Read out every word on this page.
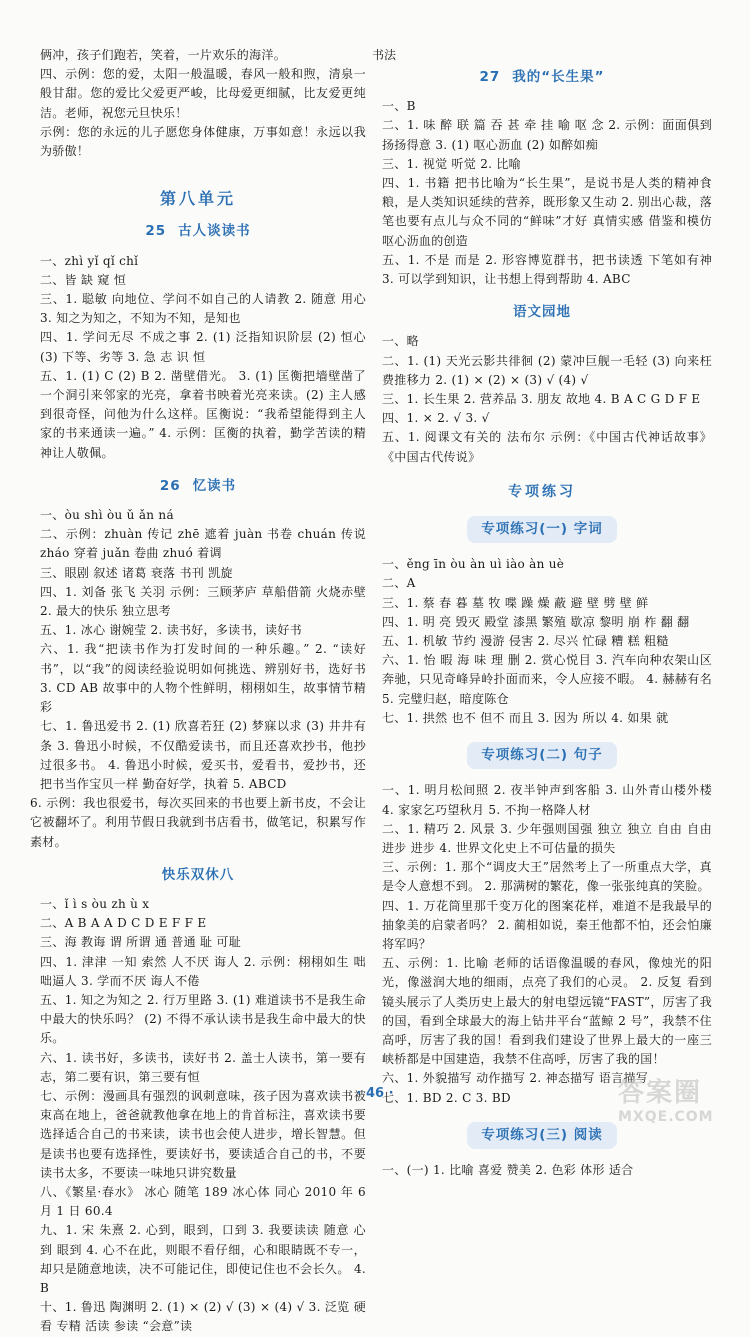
俩冲，孩子们跑若，笑着，一片欢乐的海洋。
四、示例：您的爱，太阳一般温暖，春风一般和煦，清泉一般甘甜。您的爱比父爱更严峻，比母爱更细腻，比友爱更纯洁。老师，祝您元旦快乐！
示例：您的永远的儿子愿您身体健康，万事如意！永远以我为骄傲！
第八单元
25 古人谈读书
一、zhì yǐ qǐ chǐ
二、皆 缺 窥 恒
三、1. 聪敏 向地位、学问不如自己的人请教 2. 随意 用心 3. 知之为知之，不知为不知，是知也
四、1. 学问无尽 不成之事 2. (1) 泛指知识阶层 (2) 恒心 (3) 下等、劣等 3. 急 志 识 恒
五、1. (1) C (2) B 2. 凿壁借光。 3. (1) 匡衡把墙壁凿了一个洞引来邻家的光亮，拿着书映着光亮来读。(2) 主人感到很奇怪，问他为什么这样。匡衡说：“我希望能得到主人家的书来通读一遍。” 4. 示例：匡衡的执着，勤学苦读的精神让人敬佩。
26 忆读书
一、òu shì òu ǔ ǎn ná
二、示例：zhuàn 传记 zhē 遮着 juàn 书卷 chuán 传说 zháo 穿着 juǎn 卷曲 zhuó 着调
三、眼剧 叙述 诸葛 衰落 书刊 凯旋
四、1. 刘备 张飞 关羽 示例：三顾茅庐 草船借箭 火烧赤壁 2. 最大的快乐 独立思考
五、1. 冰心 谢婉莹 2. 读书好，多读书，读好书
六、1. 我“把读书作为打发时间的一种乐趣。” 2. “读好书”，以“我”的阅读经验说明如何挑选、辨别好书，选好书 3. CD AB 故事中的人物个性鲜明，栩栩如生，故事情节精彩
七、1. 鲁迅爱书 2. (1) 欣喜若狂 (2) 梦寐以求 (3) 井井有条 3. 鲁迅小时候，不仅酷爱读书，而且还喜欢抄书，他抄过很多书。 4. 鲁迅小时候，爱买书，爱看书，爱抄书，还把书当作宝贝一样 勤奋好学，执着 5. ABCD
6. 示例：我也很爱书，每次买回来的书也要上新书皮，不会让它被翻坏了。利用节假日我就到书店看书，做笔记，积累写作素材。
快乐双休八
一、ǐ ì s òu zh ù x
二、A B A A D C D E F F E
三、海 教诲 谓 所谓 通 普通 耻 可耻
四、1. 津津 一知 索然 人不厌 诲人 2. 示例：栩栩如生 咄咄逼人 3. 学而不厌 诲人不倦
五、1. 知之为知之 2. 行万里路 3. (1) 难道读书不是我生命中最大的快乐吗？ (2) 不得不承认读书是我生命中最大的快乐。
六、1. 读书好，多读书，读好书 2. 盖士人读书，第一要有志，第二要有识，第三要有恒
七、示例：漫画具有强烈的讽刺意味，孩子因为喜欢读书被束高在地上，爸爸就教他拿在地上的肯首标注，喜欢读书要选择适合自己的书来读，读书也会使人进步，增长智慧。但是读书也要有选择性，要读好书，要读适合自己的书，不要读书太多，不要读一味地只讲究数量
八、《繁星·春水》 冰心 随笔 189 冰心体 同心 2010 年 6 月 1 日 60.4
九、1. 宋 朱熹 2. 心到，眼到，口到 3. 我要读读 随意 心到 眼到 4. 心不在此，则眼不看仔细，心和眼睛既不专一，却只是随意地读，决不可能记住，即使记住也不会长久。 4. B
十、1. 鲁迅 陶渊明 2. (1) × (2) √ (3) × (4) √ 3. 泛览 硬看 专精 活读 参读 “会意”读
书法
27 我的“长生果”
一、B
二、1. 味 醉 联 篇 吞 甚 牵 挂 喻 呕 念 2. 示例：面面俱到 扬扬得意 3. (1) 呕心沥血 (2) 如醉如痴
三、1. 视觉 听觉 2. 比喻
四、1. 书籍 把书比喻为“长生果”，是说书是人类的精神食粮，是人类知识延续的营养，既形象又生动 2. 别出心裁，落笔也要有点儿与众不同的“鲜味”才好 真情实感 借鉴和模仿 呕心沥血的创造
五、1. 不是 而是 2. 形容博览群书，把书读透 下笔如有神 3. 可以学到知识，让书想上得到帮助 4. ABC
语文园地
一、略
二、1. (1) 天光云影共徘徊 (2) 蒙冲巨舰一毛轻 (3) 向来枉费推移力 2. (1) × (2) × (3) √ (4) √
三、1. 长生果 2. 营养品 3. 朋友 故地 4. B A C G D F E
四、1. × 2. √ 3. √
五、1. 阅课文有关的 法布尔 示例：《中国古代神话故事》《中国古代传说》
专项练习
专项练习(一) 字词
一、ěng īn òu àn uì iào àn uè
二、A
三、1. 蔡 春 暮 墓 牧 喋 躁 燥 蔽 避 壁 劈 壁 鲜
四、1. 明 亮 毁灭 殿堂 漆黑 繁殖 歇凉 黎明 崩 柞 翻 翻
五、1. 机敏 节约 漫游 侵害 2. 尽兴 忙碌 糟 糕 粗糙
六、1. 怡 暇 海 味 理 删 2. 赏心悦目 3. 汽车向种农架山区奔驰，只见奇峰异岭扑面而来，令人应接不暇。 4. 赫赫有名 5. 完璧归赵，暗度陈仓
七、1. 拱然 也不 但不 而且 3. 因为 所以 4. 如果 就
专项练习(二) 句子
一、1. 明月松间照 2. 夜半钟声到客船 3. 山外青山楼外楼 4. 家家乞巧望秋月 5. 不拘一格降人材
二、1. 精巧 2. 风景 3. 少年强则国强 独立 独立 自由 自由 进步 进步 4. 世界文化史上不可估量的损失
三、示例：1. 那个“调皮大王”居然考上了一所重点大学，真是令人意想不到。 2. 那满树的繁花，像一张张纯真的笑脸。
四、1. 万花筒里那千变万化的图案花样，难道不是我最早的抽象美的启蒙者吗？ 2. 蔺相如说，秦王他都不怕，还会怕廉将军吗？
五、示例：1. 比喻 老师的话语像温暖的春风，像烛光的阳光，像滋润大地的细雨，点亮了我们的心灵。 2. 反复 看到镜头展示了人类历史上最大的射电望远镜“FAST”，厉害了我的国，看到全球最大的海上钻井平台“蓝鲸 2 号”，我禁不住高呼，厉害了我的国！看到我们建设了世界上最大的一座三峡桥都是中国建造，我禁不住高呼，厉害了我的国！
六、1. 外貌描写 动作描写 2. 神态描写 语言描写
七、1. BD 2. C 3. BD
专项练习(三) 阅读
一、(一) 1. 比喻 喜爱 赞美 2. 色彩 体形 适合
· 46 ·	答案圈
MXQE.COM
